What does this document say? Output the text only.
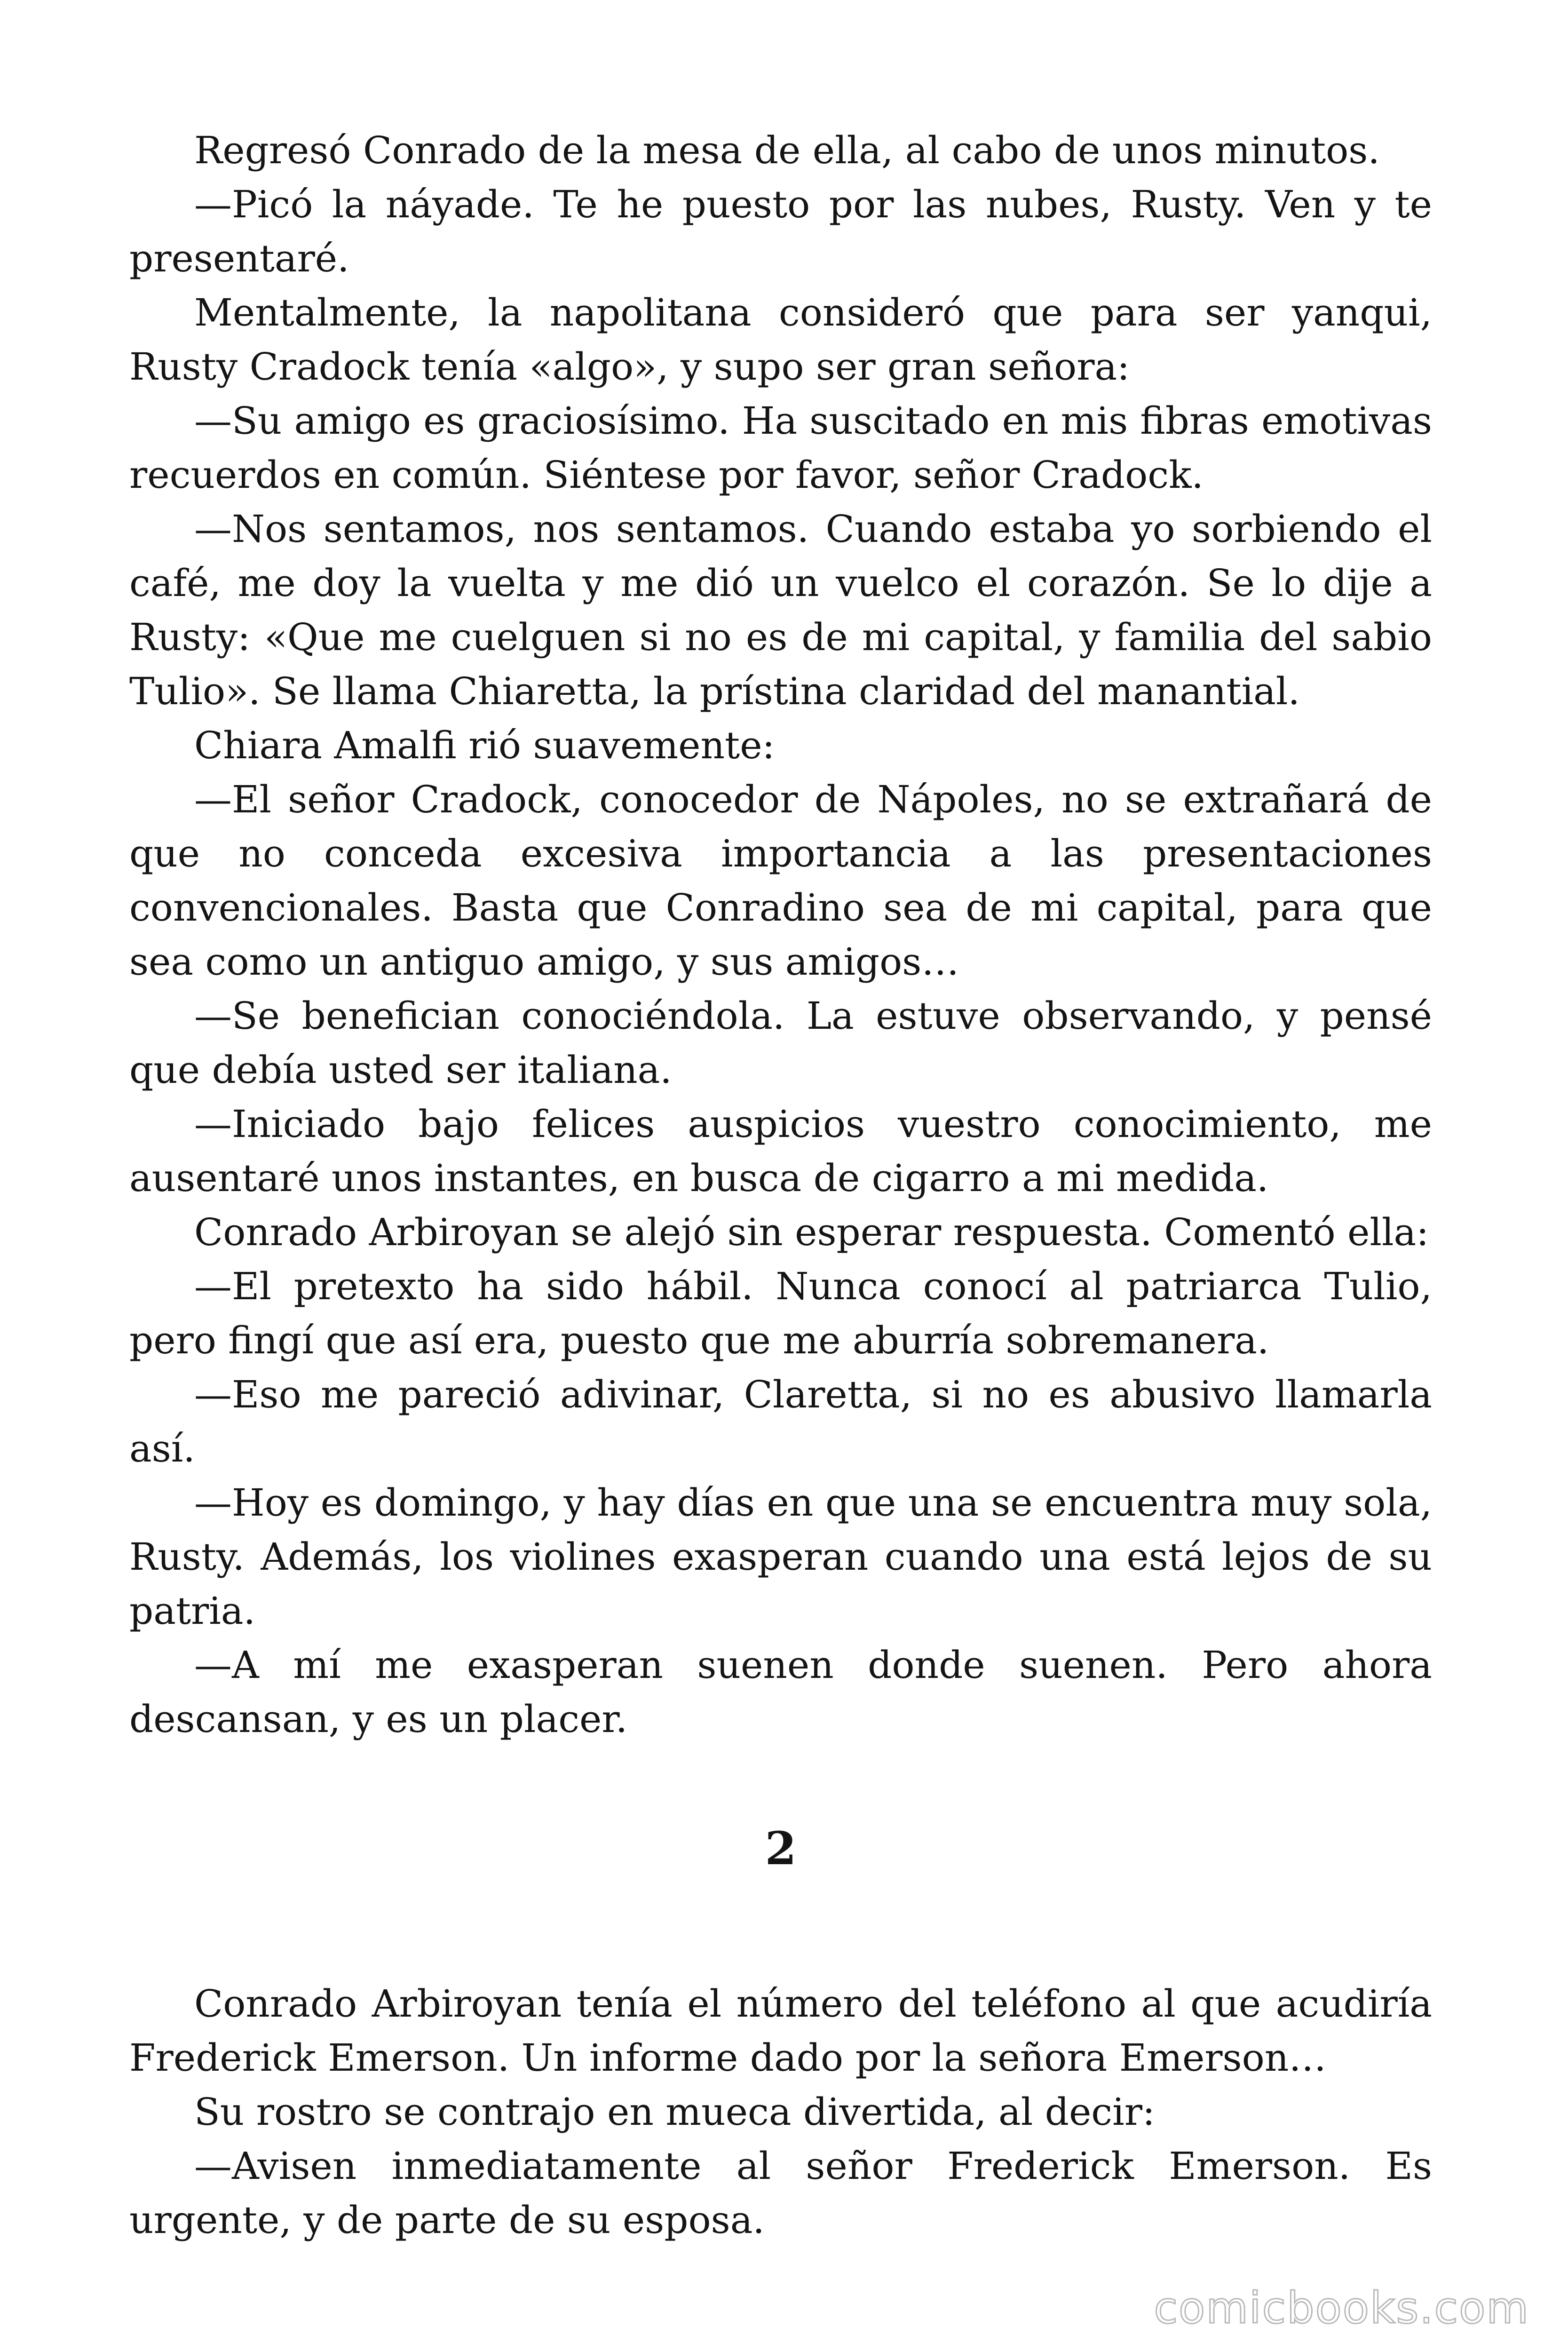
Regresó Conrado de la mesa de ella, al cabo de unos minutos.

—Picó la náyade. Te he puesto por las nubes, Rusty. Ven y te presentaré.

Mentalmente, la napolitana consideró que para ser yanqui, Rusty Cradock tenía «algo», y supo ser gran señora:

—Su amigo es graciosísimo. Ha suscitado en mis fibras emotivas recuerdos en común. Siéntese por favor, señor Cradock.

—Nos sentamos, nos sentamos. Cuando estaba yo sorbiendo el café, me doy la vuelta y me dió un vuelco el corazón. Se lo dije a Rusty: «Que me cuelguen si no es de mi capital, y familia del sabio Tulio». Se llama Chiaretta, la prístina claridad del manantial.

Chiara Amalfi rió suavemente:

—El señor Cradock, conocedor de Nápoles, no se extrañará de que no conceda excesiva importancia a las presentaciones convencionales. Basta que Conradino sea de mi capital, para que sea como un antiguo amigo, y sus amigos…

—Se benefician conociéndola. La estuve observando, y pensé que debía usted ser italiana.

—Iniciado bajo felices auspicios vuestro conocimiento, me ausentaré unos instantes, en busca de cigarro a mi medida.

Conrado Arbiroyan se alejó sin esperar respuesta. Comentó ella:

—El pretexto ha sido hábil. Nunca conocí al patriarca Tulio, pero fingí que así era, puesto que me aburría sobremanera.

—Eso me pareció adivinar, Claretta, si no es abusivo llamarla así.

—Hoy es domingo, y hay días en que una se encuentra muy sola, Rusty. Además, los violines exasperan cuando una está lejos de su patria.

—A mí me exasperan suenen donde suenen. Pero ahora descansan, y es un placer.

2

Conrado Arbiroyan tenía el número del teléfono al que acudiría Frederick Emerson. Un informe dado por la señora Emerson…

Su rostro se contrajo en mueca divertida, al decir:

—Avisen inmediatamente al señor Frederick Emerson. Es urgente, y de parte de su esposa.

comicbooks.com
